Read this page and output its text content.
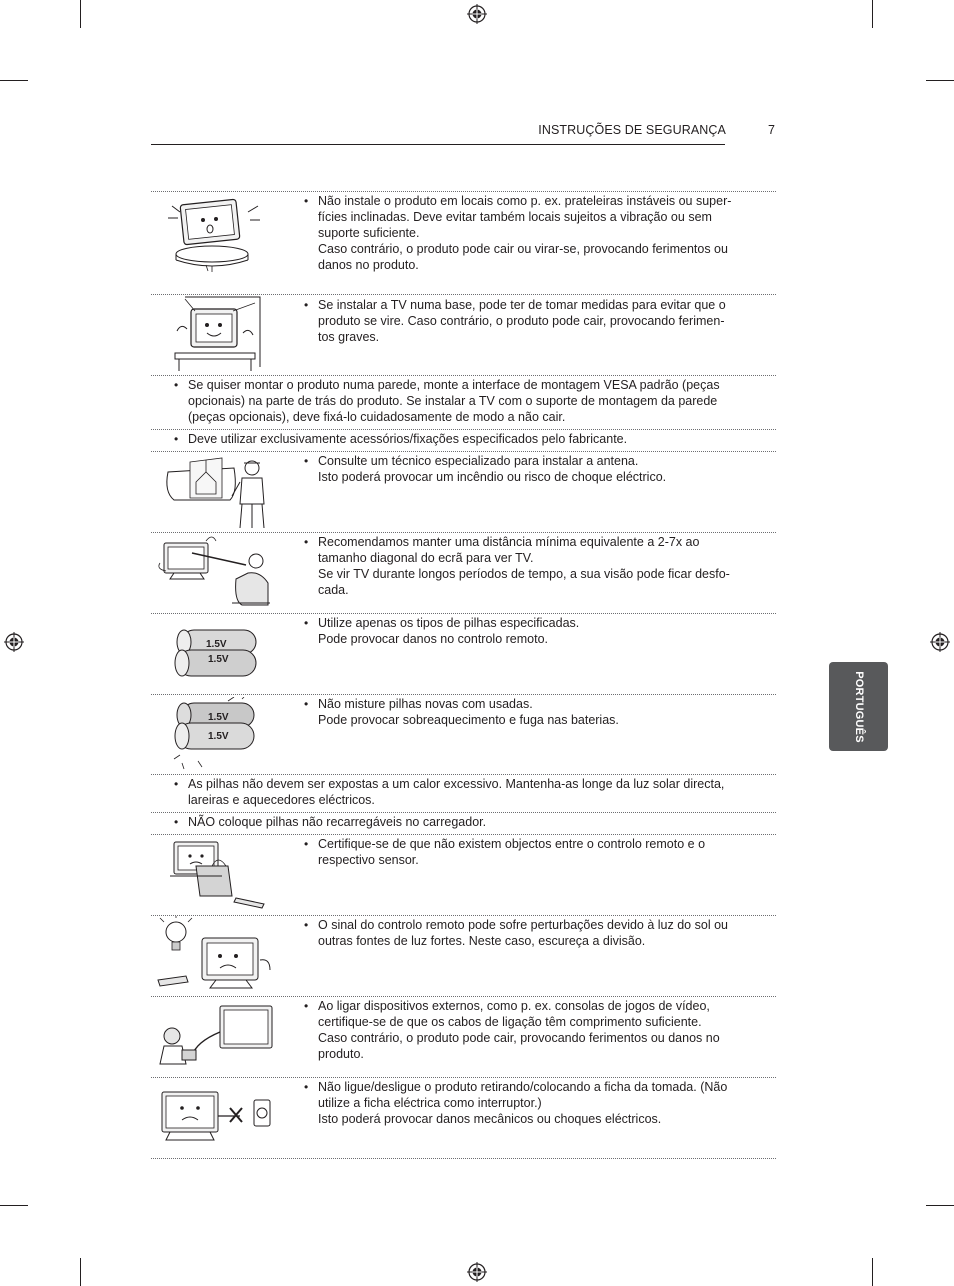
INSTRUÇÕES DE SEGURANÇA	7
PORTUGUÊS
• Não instale o produto em locais como p. ex. prateleiras instáveis ou super-

fícies inclinadas. Deve evitar também locais sujeitos a vibração ou sem

suporte suficiente.

Caso contrário, o produto pode cair ou virar-se, provocando ferimentos ou

danos no produto.

• Se instalar a TV numa base, pode ter de tomar medidas para evitar que o

produto se vire. Caso contrário, o produto pode cair, provocando ferimen-

tos graves.

• Se quiser montar o produto numa parede, monte a interface de montagem VESA padrão (peças

opcionais) na parte de trás do produto. Se instalar a TV com o suporte de montagem da parede

(peças opcionais), deve fixá-lo cuidadosamente de modo a não cair.

• Deve utilizar exclusivamente acessórios/fixações especificados pelo fabricante.

• Consulte um técnico especializado para instalar a antena.

Isto poderá provocar um incêndio ou risco de choque eléctrico.

• Recomendamos manter uma distância mínima equivalente a 2-7x ao

tamanho diagonal do ecrã para ver TV.

Se vir TV durante longos períodos de tempo, a sua visão pode ficar desfo-

cada.

1.5V
1.5V
• Utilize apenas os tipos de pilhas especificadas.

Pode provocar danos no controlo remoto.

1.5V
1.5V
• Não misture pilhas novas com usadas.

Pode provocar sobreaquecimento e fuga nas baterias.

• As pilhas não devem ser expostas a um calor excessivo. Mantenha-as longe da luz solar directa,

lareiras e aquecedores eléctricos.

• NÃO coloque pilhas não recarregáveis no carregador.

• Certifique-se de que não existem objectos entre o controlo remoto e o

respectivo sensor.

• O sinal do controlo remoto pode sofre perturbações devido à luz do sol ou

outras fontes de luz fortes. Neste caso, escureça a divisão.

• Ao ligar dispositivos externos, como p. ex. consolas de jogos de vídeo,

certifique-se de que os cabos de ligação têm comprimento suficiente.

Caso contrário, o produto pode cair, provocando ferimentos ou danos no

produto.

• Não ligue/desligue o produto retirando/colocando a ficha da tomada. (Não

utilize a ficha eléctrica como interruptor.)

Isto poderá provocar danos mecânicos ou choques eléctricos.
